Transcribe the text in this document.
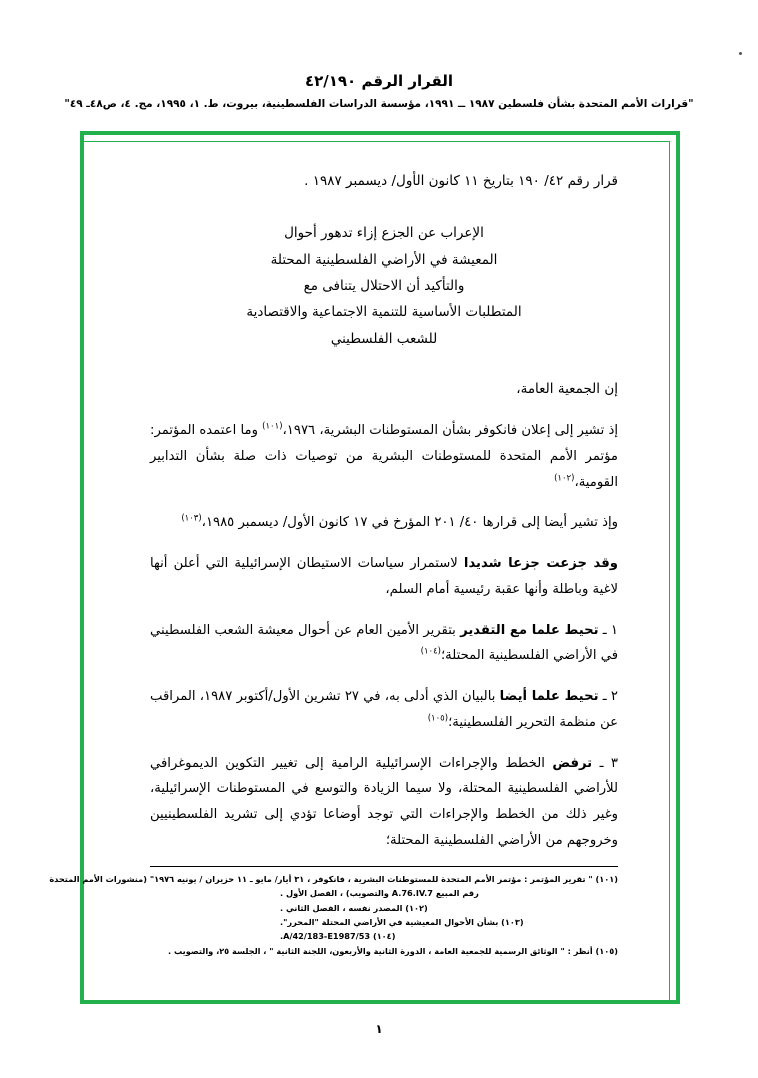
القرار الرقم ٤٢/١٩٠
"قرارات الأمم المتحدة بشأن فلسطين ١٩٨٧ ــ ١٩٩١، مؤسسة الدراسات الفلسطينية، بيروت، ط. ١، ١٩٩٥، مج. ٤، ص٤٨ـ ٤٩"
قرار رقم ٤٢/ ١٩٠ بتاريخ ١١ كانون الأول/ ديسمبر ١٩٨٧ .
الإعراب عن الجزع إزاء تدهور أحوال
المعيشة في الأراضي الفلسطينية المحتلة
والتأكيد أن الاحتلال يتنافى مع
المتطلبات الأساسية للتنمية الاجتماعية والاقتصادية
للشعب الفلسطيني
إن الجمعية العامة،
إذ تشير إلى إعلان فانكوفر بشأن المستوطنات البشرية، ١٩٧٦،$^{(١٠١)}$ وما اعتمده المؤتمر: مؤتمر الأمم المتحدة للمستوطنات البشرية من توصيات ذات صلة بشأن التدابير القومية،$^{(١٠٢)}$
وإذ تشير أيضا إلى قرارها ٤٠/ ٢٠١ المؤرخ في ١٧ كانون الأول/ ديسمبر ١٩٨٥،$^{(١٠٣)}$
وقد جزعت جزعا شديدا لاستمرار سياسات الاستيطان الإسرائيلية التي أعلن أنها لاغية وباطلة وأنها عقبة رئيسية أمام السلم،
١ ـ تحيط علما مع التقدير بتقرير الأمين العام عن أحوال معيشة الشعب الفلسطيني في الأراضي الفلسطينية المحتلة؛$^{(١٠٤)}$
٢ ـ تحيط علما أيضا بالبيان الذي أدلى به، في ٢٧ تشرين الأول/أكتوبر ١٩٨٧، المراقب عن منظمة التحرير الفلسطينية؛$^{(١٠٥)}$
٣ ـ ترفض الخطط والإجراءات الإسرائيلية الرامية إلى تغيير التكوين الديموغرافي للأراضي الفلسطينية المحتلة، ولا سيما الزيادة والتوسع في المستوطنات الإسرائيلية، وغير ذلك من الخطط والإجراءات التي توجد أوضاعا تؤدي إلى تشريد الفلسطينيين وخروجهم من الأراضي الفلسطينية المحتلة؛
(١٠١) " تقرير المؤتمر : مؤتمر الأمم المتحدة للمستوطنات البشرية ، فانكوفر ، ٣١ أيار/ مايو ـ ١١ حزيران / يونيه ١٩٧٦" (منشورات الأمم المتحدة
رقم المبيع A.76.IV.7 والتصويب) ، الفصل الأول .
(١٠٢) المصدر نفسه ، الفصل الثاني .
(١٠٣) بشأن الأحوال المعيشية في الأراضي المحتلة "المحرر".
(١٠٤) A/42/183-E1987/53.
(١٠٥) أنظر : " الوثائق الرسمية للجمعية العامة ، الدورة الثانية والأربعون، اللجنة الثانية " ، الجلسة ٢٥، والتصويب .
١
